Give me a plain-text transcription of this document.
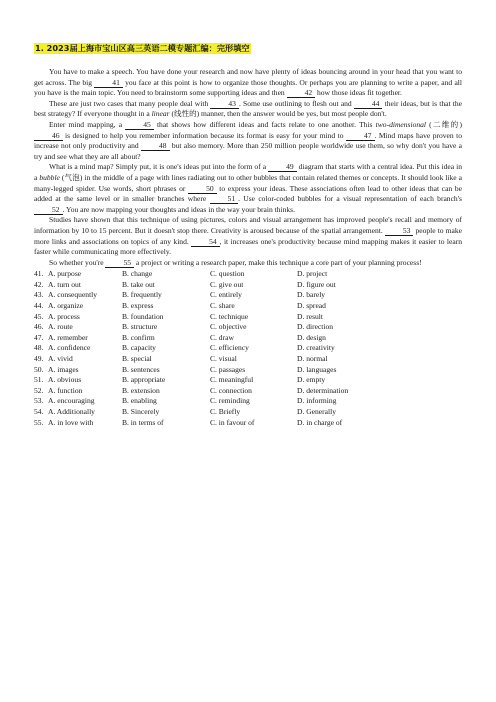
1. 2023届上海市宝山区高三英语二模专题汇编：完形填空

You have to make a speech. You have done your research and now have plenty of ideas bouncing around in your head that you want to get across. The big 41 you face at this point is how to organize those thoughts. Or perhaps you are planning to write a paper, and all you have is the main topic. You need to brainstorm some supporting ideas and then 42 how those ideas fit together.

These are just two cases that many people deal with 43 . Some use outlining to flesh out and 44 their ideas, but is that the best strategy? If everyone thought in a linear (线性的) manner, then the answer would be yes, but most people don't.

Enter mind mapping, a 45 that shows how different ideas and facts relate to one another. This two-dimensional (二维的) 46 is designed to help you remember information because its format is easy for your mind to 47 . Mind maps have proven to increase not only productivity and 48 but also memory. More than 250 million people worldwide use them, so why don't you have a try and see what they are all about?

What is a mind map? Simply put, it is one's ideas put into the form of a 49 diagram that starts with a central idea. Put this idea in a bubble (气泡) in the middle of a page with lines radiating out to other bubbles that contain related themes or concepts. It should look like a many-legged spider. Use words, short phrases or 50 to express your ideas. These associations often lead to other ideas that can be added at the same level or in smaller branches where 51 . Use color-coded bubbles for a visual representation of each branch's 52 . You are now mapping your thoughts and ideas in the way your brain thinks.

Studies have shown that this technique of using pictures, colors and visual arrangement has improved people's recall and memory of information by 10 to 15 percent. But it doesn't stop there. Creativity is aroused because of the spatial arrangement. 53 people to make more links and associations on topics of any kind. 54 , it increases one's productivity because mind mapping makes it easier to learn faster while communicating more effectively.

So whether you're 55 a project or writing a research paper, make this technique a core part of your planning process!

41. A. purpose	B. change	C. question	D. project
42. A. turn out	B. take out	C. give out	D. figure out
43. A. consequently	B. frequently	C. entirely	D. barely
44. A. organize	B. express	C. share	D. spread
45. A. process	B. foundation	C. technique	D. result
46. A. route	B. structure	C. objective	D. direction
47. A. remember	B. confirm	C. draw	D. design
48. A. confidence	B. capacity	C. efficiency	D. creativity
49. A. vivid	B. special	C. visual	D. normal
50. A. images	B. sentences	C. passages	D. languages
51. A. obvious	B. appropriate	C. meaningful	D. empty
52. A. function	B. extension	C. connection	D. determination
53. A. encouraging	B. enabling	C. reminding	D. informing
54. A. Additionally	B. Sincerely	C. Briefly	D. Generally
55. A. in love with	B. in terms of	C. in favour of	D. in charge of
